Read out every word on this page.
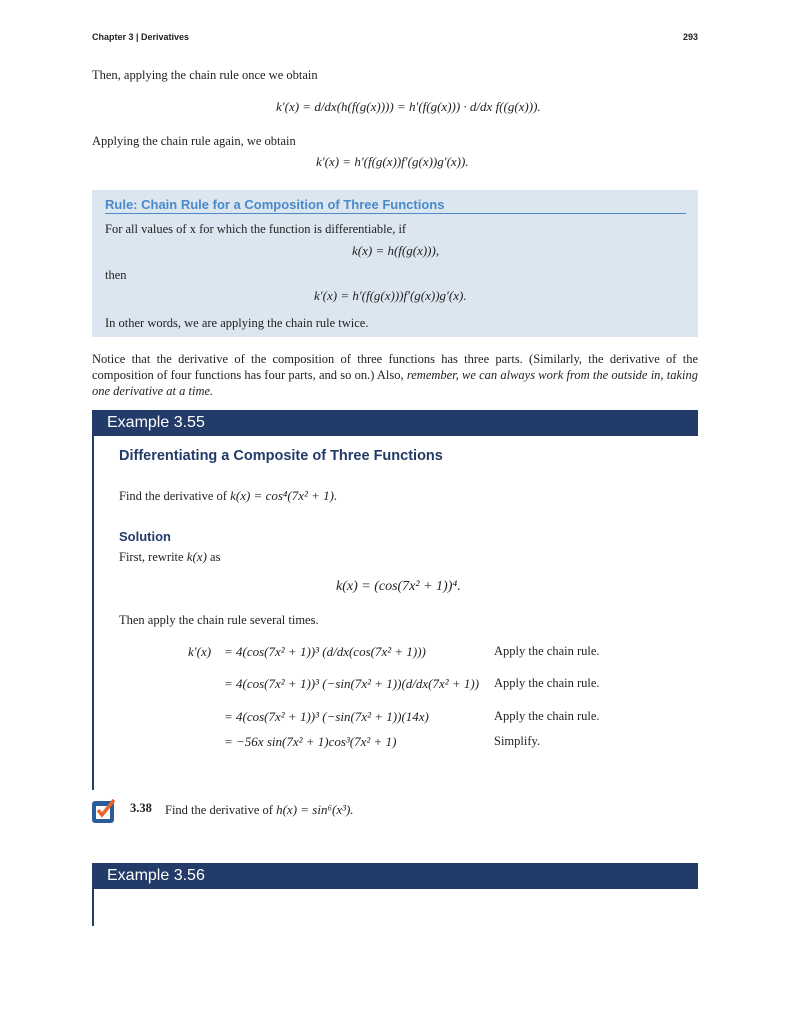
Chapter 3 | Derivatives	293
Then, applying the chain rule once we obtain
k′(x) = d/dx(h(f(g(x)))) = h′(f(g(x))) · d/dx f((g(x))).
Applying the chain rule again, we obtain
k′(x) = h′(f(g(x))f′(g(x))g′(x)).
Rule: Chain Rule for a Composition of Three Functions
For all values of x for which the function is differentiable, if
k(x) = h(f(g(x))),
then
k′(x) = h′(f(g(x)))f′(g(x))g′(x).
In other words, we are applying the chain rule twice.
Notice that the derivative of the composition of three functions has three parts. (Similarly, the derivative of the composition of four functions has four parts, and so on.) Also, remember, we can always work from the outside in, taking one derivative at a time.
Example 3.55
Differentiating a Composite of Three Functions
Find the derivative of k(x) = cos⁴(7x² + 1).
Solution
First, rewrite k(x) as
k(x) = (cos(7x² + 1))⁴.
Then apply the chain rule several times.
k′(x) = 4(cos(7x² + 1))³ (d/dx(cos(7x² + 1)))	Apply the chain rule.
= 4(cos(7x² + 1))³ (−sin(7x² + 1))(d/dx(7x² + 1)) Apply the chain rule.
= 4(cos(7x² + 1))³ (−sin(7x² + 1))(14x)	Apply the chain rule.
= −56x sin(7x² + 1)cos³(7x² + 1)	Simplify.
3.38 Find the derivative of h(x) = sin⁶(x³).
Example 3.56
